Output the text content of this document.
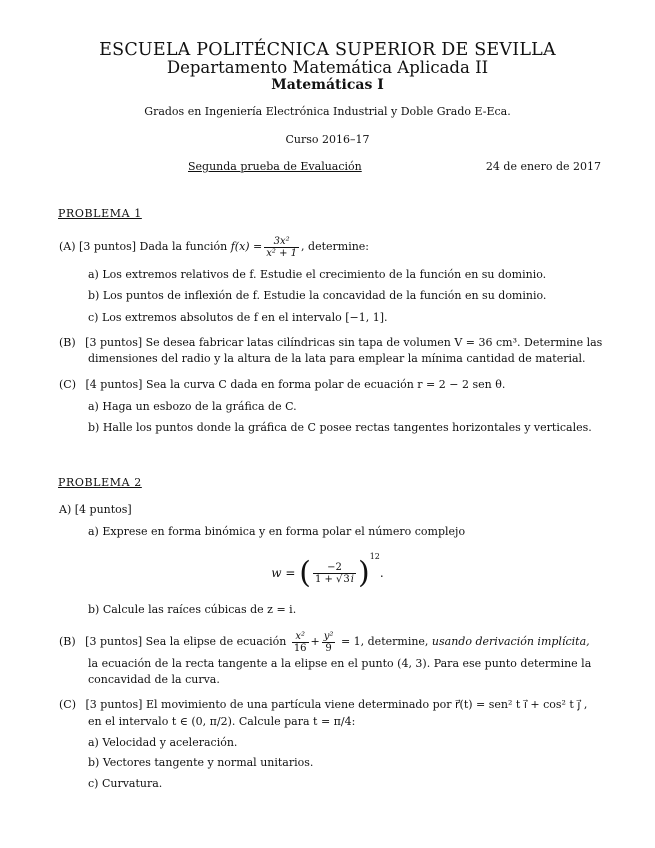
ESCUELA POLITÉCNICA SUPERIOR DE SEVILLA
Departamento Matemática Aplicada II
Matemáticas I
Grados en Ingeniería Electrónica Industrial y Doble Grado E-Eca.
Curso 2016–17
Segunda prueba de Evaluación	24 de enero de 2017
PROBLEMA 1
(A) [3 puntos] Dada la función $f(x) = \frac{\text{3x²}}{\text{x² + 1}}$ , determine:
a) Los extremos relativos de f. Estudie el crecimiento de la función en su dominio.
b) Los puntos de inflexión de f. Estudie la concavidad de la función en su dominio.
c) Los extremos absolutos de f en el intervalo [−1, 1].
(B) [3 puntos] Se desea fabricar latas cilíndricas sin tapa de volumen V = 36 cm³. Determine las
dimensiones del radio y la altura de la lata para emplear la mínima cantidad de material.
(C) [4 puntos] Sea la curva C dada en forma polar de ecuación r = 2 − 2 sen θ.
a) Haga un esbozo de la gráfica de C.
b) Halle los puntos donde la gráfica de C posee rectas tangentes horizontales y verticales.
PROBLEMA 2
A) [4 puntos]
a) Exprese en forma binómica y en forma polar el número complejo
w = ( $\frac{-2}{1 + √3i} )^{12}$.
b) Calcule las raíces cúbicas de z = i.
(B) [3 puntos] Sea la elipse de ecuación $\frac{\text{x²}}{16} + \frac{\text{y²}}{9} = 1$, determine, usando derivación implícita,
la ecuación de la recta tangente a la elipse en el punto (4, 3). Para ese punto determine la
concavidad de la curva.
(C) [3 puntos] El movimiento de una partícula viene determinado por r⃗(t) = sen² t i⃗ + cos² t j⃗ ,
en el intervalo t ∈ (0, π/2). Calcule para t = π/4:
a) Velocidad y aceleración.
b) Vectores tangente y normal unitarios.
c) Curvatura.
